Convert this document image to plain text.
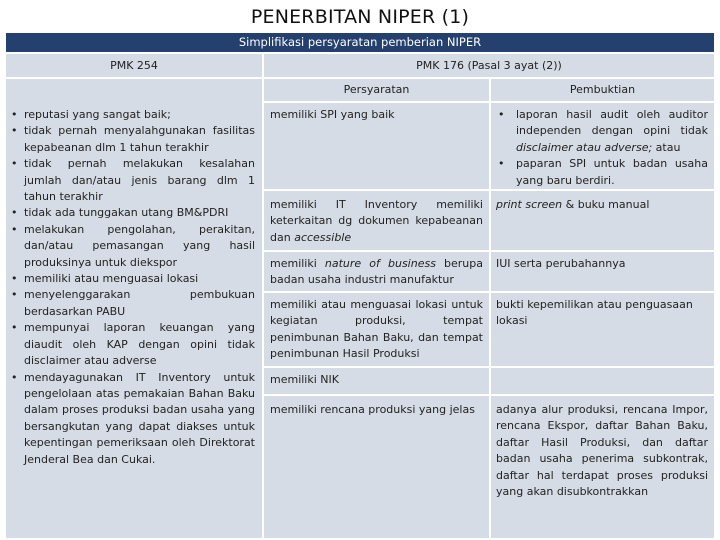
PENERBITAN NIPER (1)
Simplifikasi persyaratan pemberian NIPER
PMK 254	PMK 176 (Pasal 3 ayat (2))
Persyaratan	Pembuktian
• reputasi yang sangat baik;
• tidak pernah menyalahgunakan fasilitas kepabeanan dlm 1 tahun terakhir
• tidak pernah melakukan kesalahan jumlah dan/atau jenis barang dlm 1 tahun terakhir
• tidak ada tunggakan utang BM&PDRI
• melakukan pengolahan, perakitan, dan/atau pemasangan yang hasil produksinya untuk diekspor
• memiliki atau menguasai lokasi
• menyelenggarakan pembukuan berdasarkan PABU
• mempunyai laporan keuangan yang diaudit oleh KAP dengan opini tidak disclaimer atau adverse
• mendayagunakan IT Inventory untuk pengelolaan atas pemakaian Bahan Baku dalam proses produksi badan usaha yang bersangkutan yang dapat diakses untuk kepentingan pemeriksaan oleh Direktorat Jenderal Bea dan Cukai.
memiliki SPI yang baik
•	laporan hasil audit oleh auditor independen dengan opini tidak disclaimer atau adverse; atau
• paparan SPI untuk badan usaha yang baru berdiri.
memiliki IT Inventory memiliki keterkaitan dg dokumen kepabeanan dan accessible
print screen & buku manual
memiliki nature of business berupa badan usaha industri manufaktur
IUI serta perubahannya
memiliki atau menguasai lokasi untuk kegiatan produksi, tempat penimbunan Bahan Baku, dan tempat penimbunan Hasil Produksi
bukti kepemilikan atau penguasaan lokasi
memiliki NIK
memiliki rencana produksi yang jelas	adanya alur produksi, rencana Impor, rencana Ekspor, daftar Bahan Baku, daftar Hasil Produksi, dan daftar badan usaha penerima subkontrak, daftar hal terdapat proses produksi yang akan disubkontrakkan
